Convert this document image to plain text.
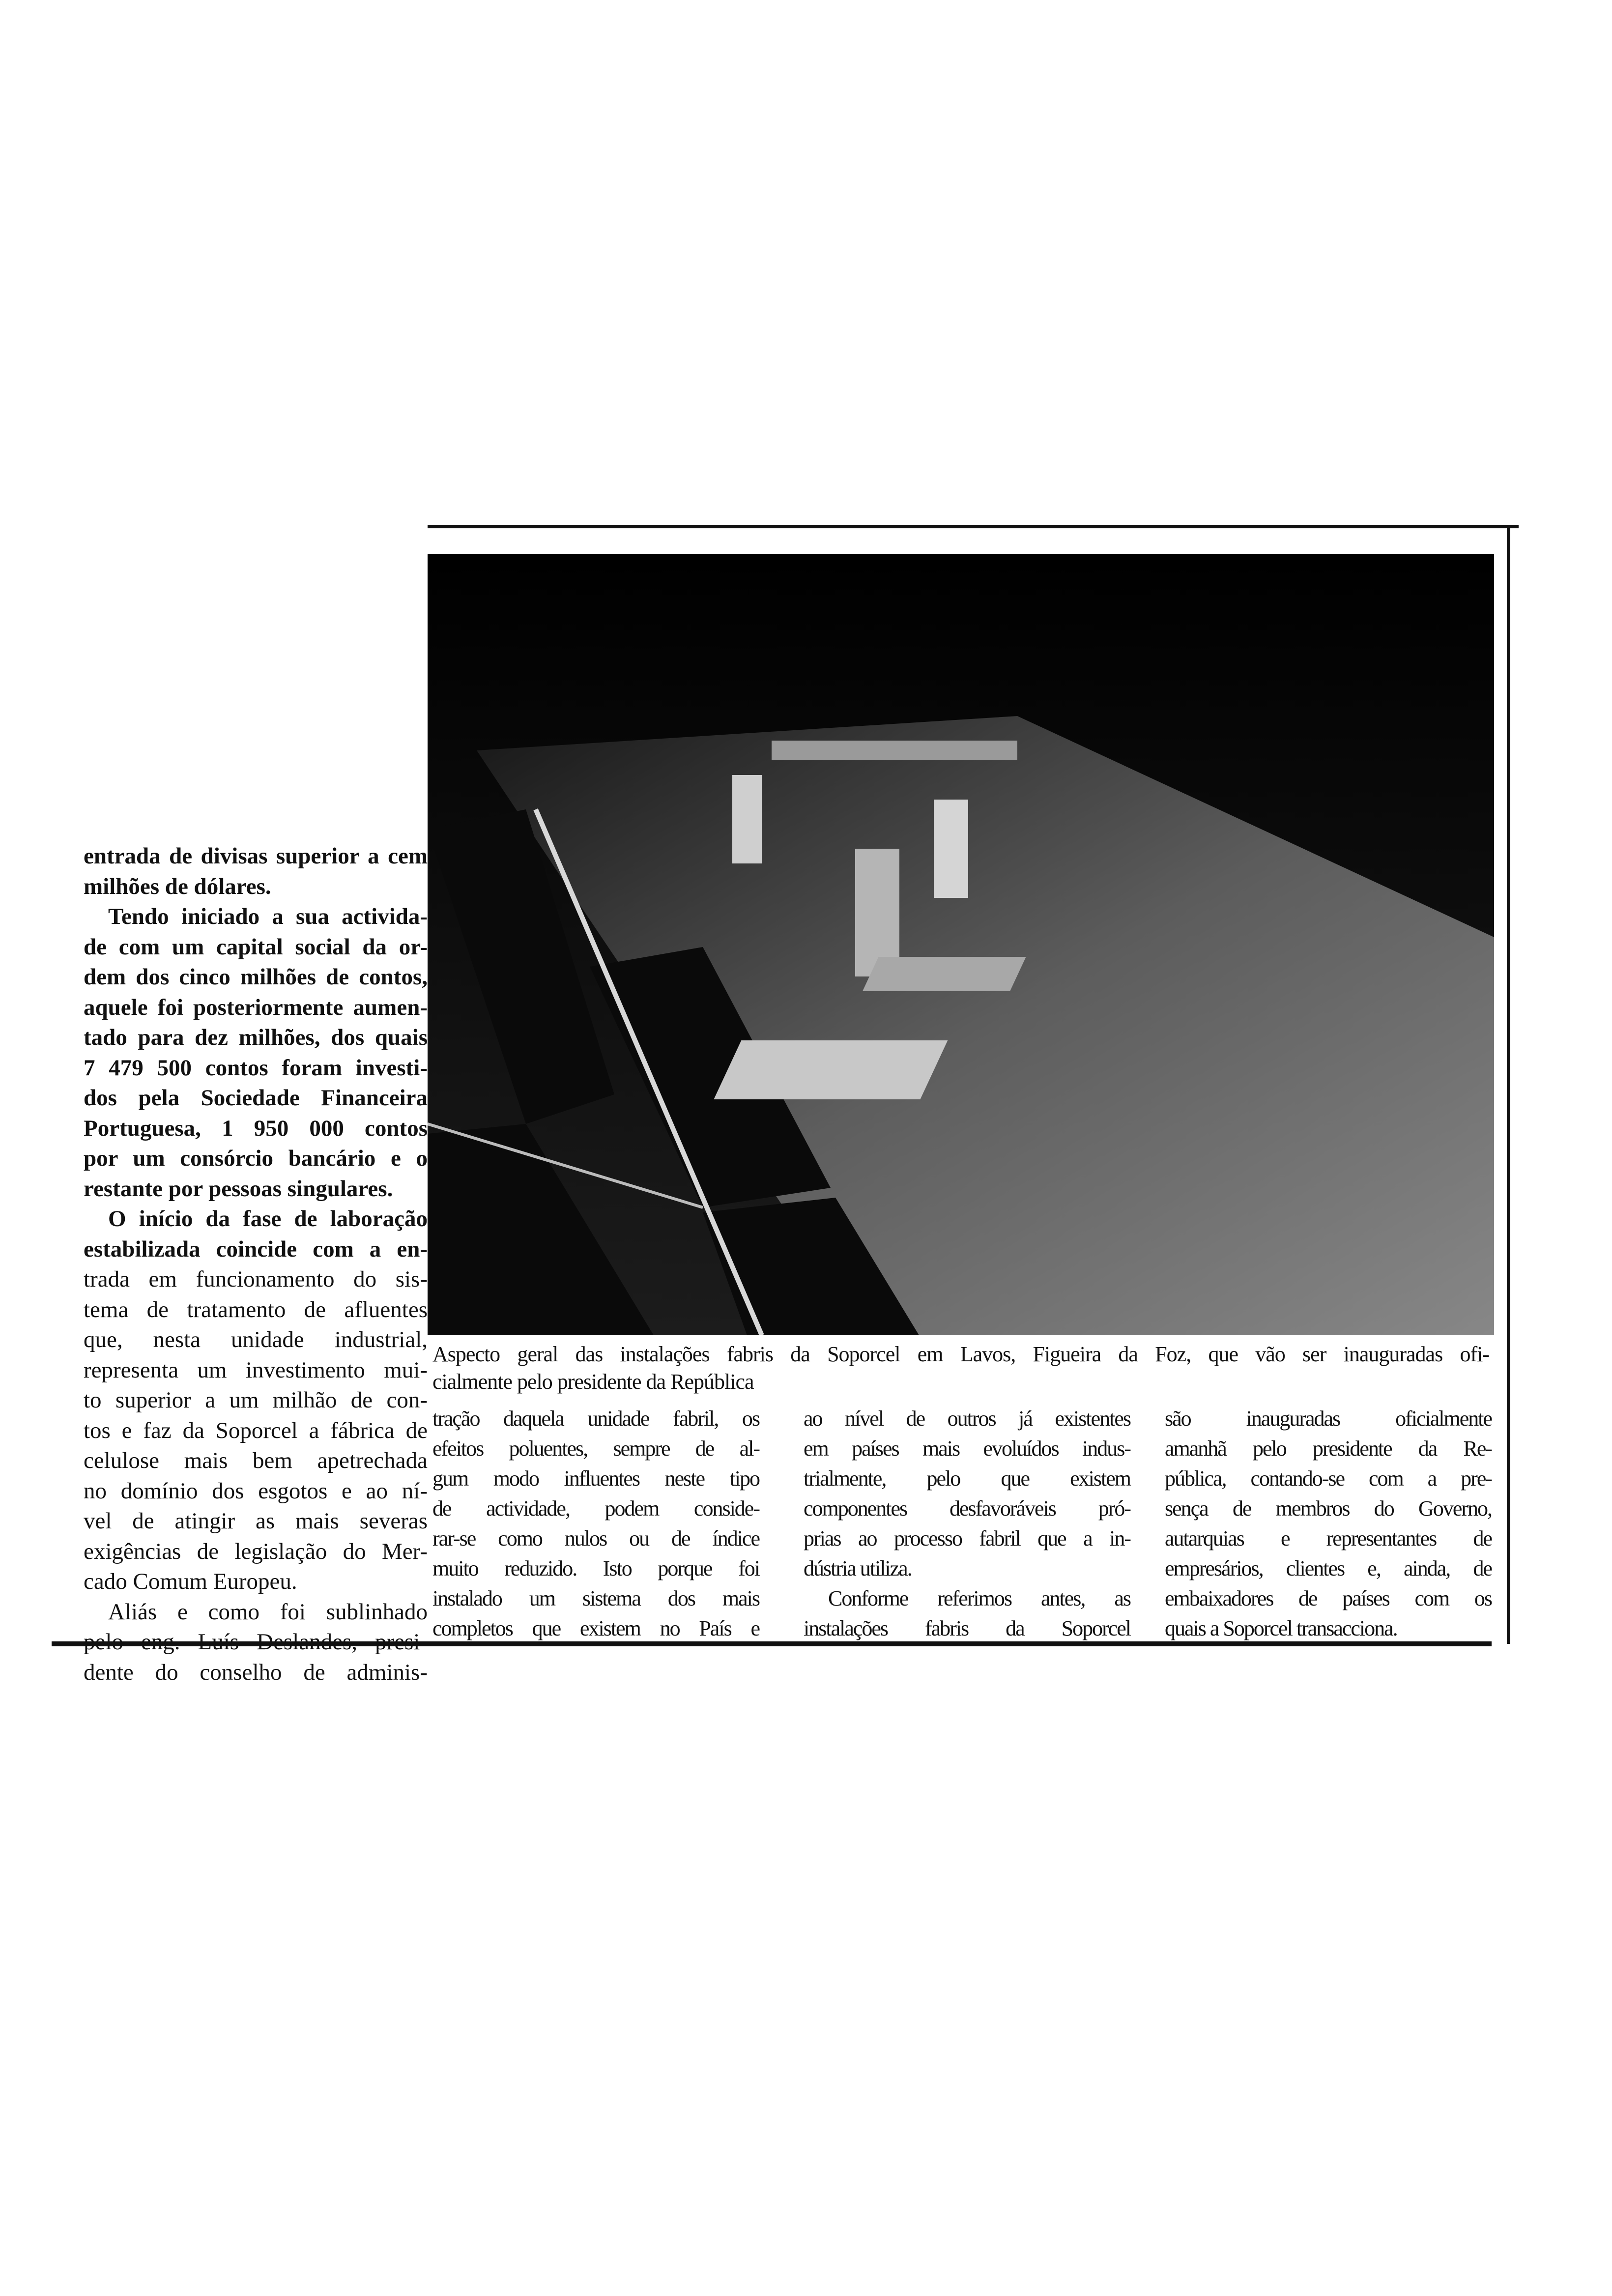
Aspecto geral das instalações fabris da Soporcel em Lavos, Figueira da Foz, que vão ser inauguradas ofi-
cialmente pelo presidente da República
entrada de divisas superior a cem
milhões de dólares.
Tendo iniciado a sua activida-
de com um capital social da or-
dem dos cinco milhões de contos,
aquele foi posteriormente aumen-
tado para dez milhões, dos quais
7 479 500 contos foram investi-
dos pela Sociedade Financeira
Portuguesa, 1 950 000 contos
por um consórcio bancário e o
restante por pessoas singulares.
O início da fase de laboração
estabilizada coincide com a en-
trada em funcionamento do sis-
tema de tratamento de afluentes
que, nesta unidade industrial,
representa um investimento mui-
to superior a um milhão de con-
tos e faz da Soporcel a fábrica de
celulose mais bem apetrechada
no domínio dos esgotos e ao ní-
vel de atingir as mais severas
exigências de legislação do Mer-
cado Comum Europeu.
Aliás e como foi sublinhado
pelo eng. Luís Deslandes, presi-
dente do conselho de adminis-
tração daquela unidade fabril, os
efeitos poluentes, sempre de al-
gum modo influentes neste tipo
de actividade, podem conside-
rar-se como nulos ou de índice
muito reduzido. Isto porque foi
instalado um sistema dos mais
completos que existem no País e
ao nível de outros já existentes
em países mais evoluídos indus-
trialmente, pelo que existem
componentes desfavoráveis pró-
prias ao processo fabril que a in-
dústria utiliza.
Conforme referimos antes, as
instalações fabris da Soporcel
são inauguradas oficialmente
amanhã pelo presidente da Re-
pública, contando-se com a pre-
sença de membros do Governo,
autarquias e representantes de
empresários, clientes e, ainda, de
embaixadores de países com os
quais a Soporcel transacciona.
